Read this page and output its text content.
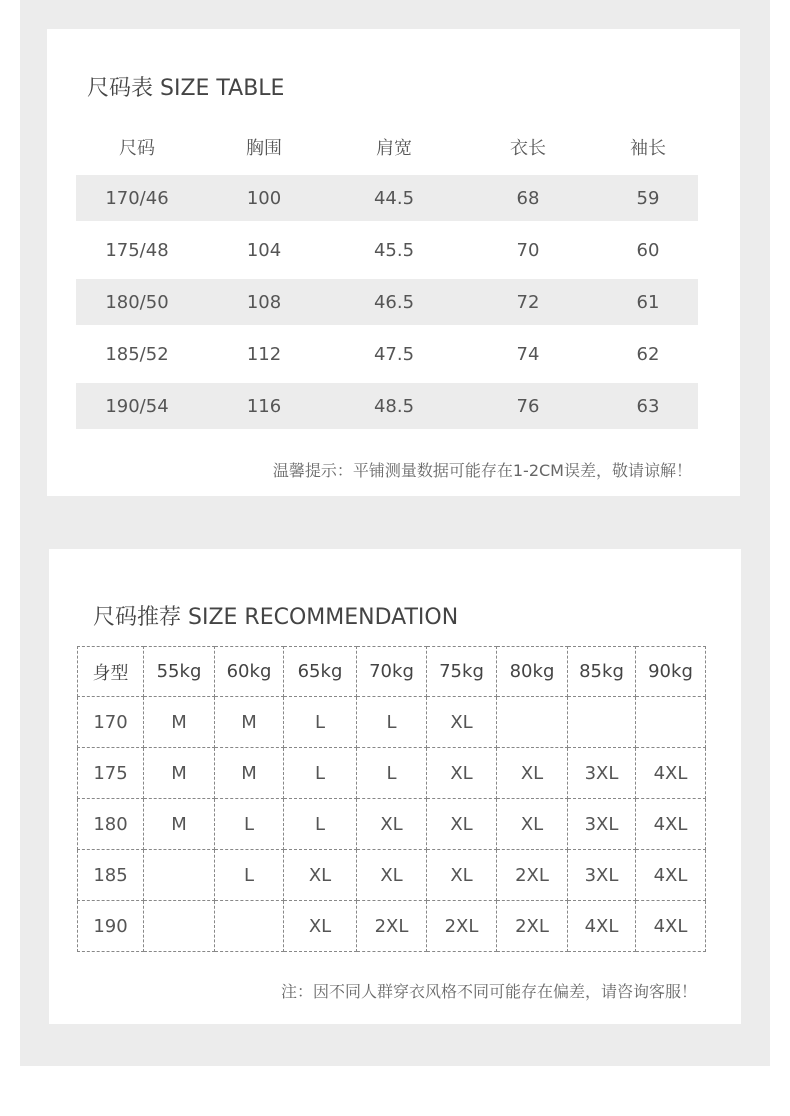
尺码表 SIZE TABLE
尺码	胸围	肩宽	衣长	袖长
170/46	100	44.5	68	59
175/48	104	45.5	70	60
180/50	108	46.5	72	61
185/52	112	47.5	74	62
190/54	116	48.5	76	63
温馨提示：平铺测量数据可能存在1-2CM误差，敬请谅解！
尺码推荐 SIZE RECOMMENDATION
身型	55kg	60kg	65kg	70kg	75kg	80kg	85kg	90kg
170	M	M	L	L	XL			
175	M	M	L	L	XL	XL	3XL	4XL
180	M	L	L	XL	XL	XL	3XL	4XL
185		L	XL	XL	XL	2XL	3XL	4XL
190			XL	2XL	2XL	2XL	4XL	4XL
注：因不同人群穿衣风格不同可能存在偏差，请咨询客服！
